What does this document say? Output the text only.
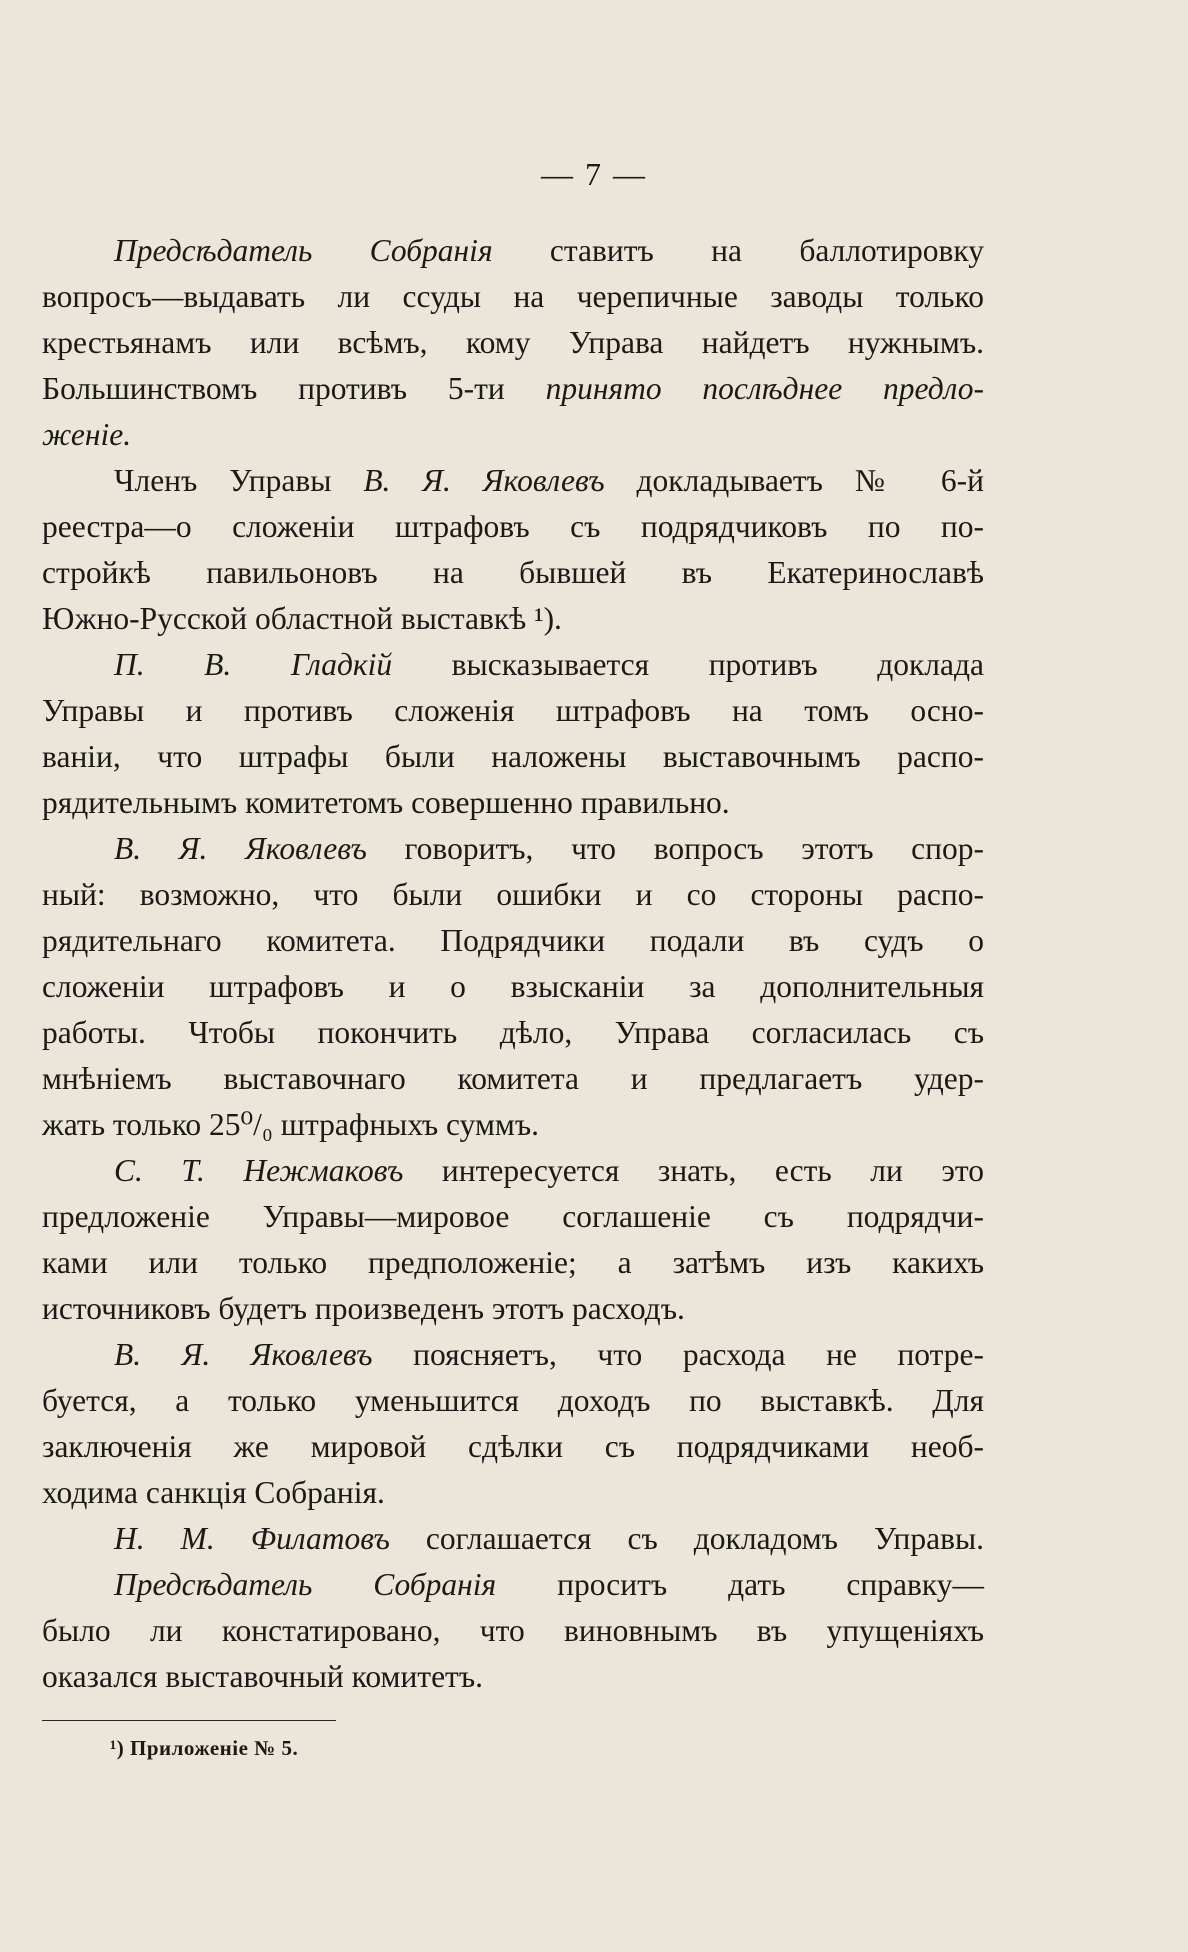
— 7 —
Предсѣдатель Собранія ставитъ на баллотировку
вопросъ—выдавать ли ссуды на черепичные заводы только
крестьянамъ или всѣмъ, кому Управа найдетъ нужнымъ.
Большинствомъ противъ 5-ти принято послѣднее предло-
женіе.
Членъ Управы В. Я. Яковлевъ докладываетъ № 6-й
реестра—о сложеніи штрафовъ съ подрядчиковъ по по-
стройкѣ павильоновъ на бывшей въ Екатеринославѣ
Южно-Русской областной выставкѣ ¹).
П. В. Гладкій высказывается противъ доклада
Управы и противъ сложенія штрафовъ на томъ осно-
ваніи, что штрафы были наложены выставочнымъ распо-
рядительнымъ комитетомъ совершенно правильно.
В. Я. Яковлевъ говоритъ, что вопросъ этотъ спор-
ный: возможно, что были ошибки и со стороны распо-
рядительнаго комитета. Подрядчики подали въ судъ о
сложеніи штрафовъ и о взысканіи за дополнительныя
работы. Чтобы покончить дѣло, Управа согласилась съ
мнѣніемъ выставочнаго комитета и предлагаетъ удер-
жать только 25⁰/₀ штрафныхъ суммъ.
С. Т. Нежмаковъ интересуется знать, есть ли это
предложеніе Управы—мировое соглашеніе съ подрядчи-
ками или только предположеніе; а затѣмъ изъ какихъ
источниковъ будетъ произведенъ этотъ расходъ.
В. Я. Яковлевъ поясняетъ, что расхода не потре-
буется, а только уменьшится доходъ по выставкѣ. Для
заключенія же мировой сдѣлки съ подрядчиками необ-
ходима санкція Собранія.
Н. М. Филатовъ соглашается съ докладомъ Управы.
Предсѣдатель Собранія проситъ дать справку—
было ли констатировано, что виновнымъ въ упущеніяхъ
оказался выставочный комитетъ.
¹) Приложеніе № 5.
